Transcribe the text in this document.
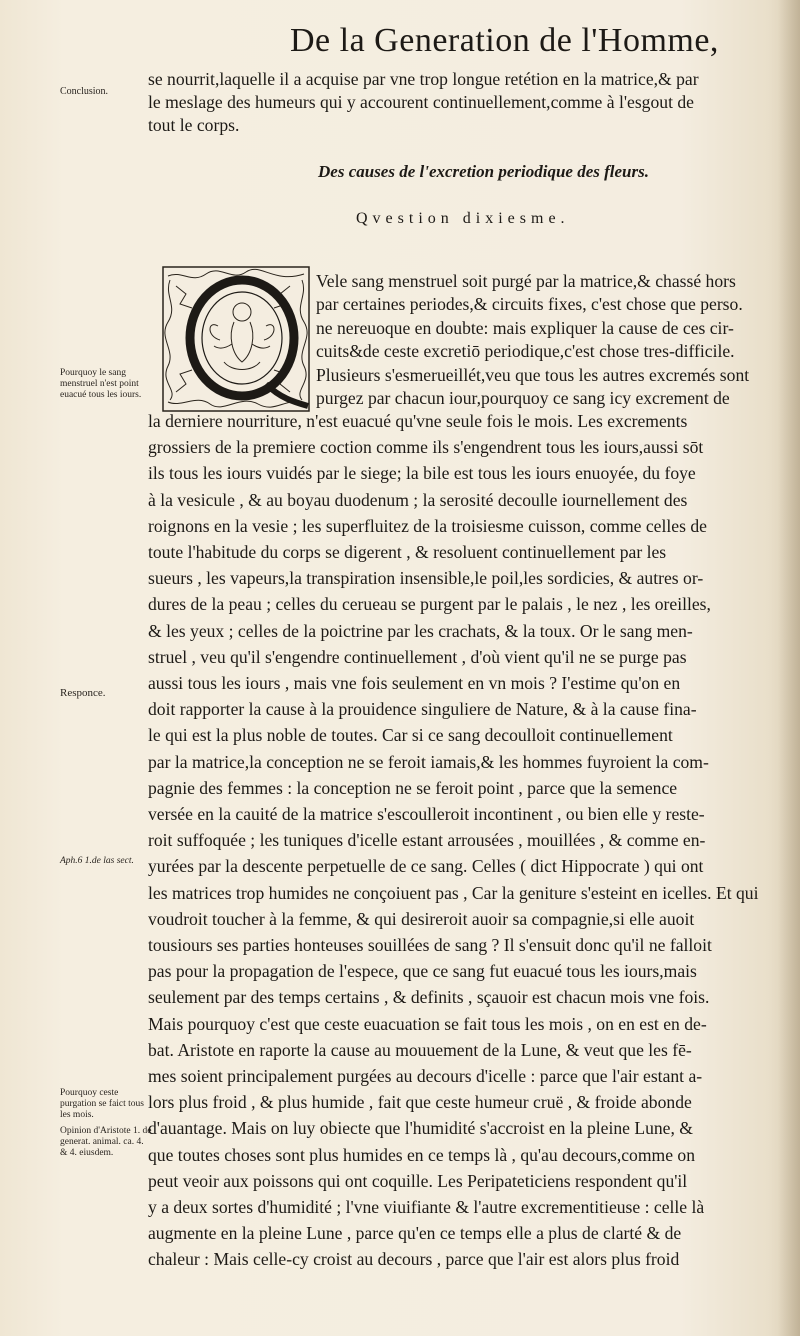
De la Generation de l'Homme,
Conclusion.
se nourrit,laquelle il a acquise par vne trop longue retétion en la matrice,& par
le meslage des humeurs qui y accourent continuellement,comme à l'esgout de
tout le corps.
Des causes de l'excretion periodique des fleurs.
Qvestion dixiesme.
Vele sang menstruel soit purgé par la matrice,& chassé hors
par certaines periodes,& circuits fixes, c'est chose que perso.
ne nereuoque en doubte: mais expliquer la cause de ces cir-
cuits&de ceste excretiō periodique,c'est chose tres-difficile.
Plusieurs s'esmerueillét,veu que tous les autres excremés sont
purgez par chacun iour,pourquoy ce sang icy excrement de
Pourquoy le sang menstruel n'est point euacué tous les iours.
la derniere nourriture, n'est euacué qu'vne seule fois le mois. Les excrements
grossiers de la premiere coction comme ils s'engendrent tous les iours,aussi sōt
ils tous les iours vuidés par le siege; la bile est tous les iours enuoyée, du foye
à la vesicule , & au boyau duodenum ; la serosité decoulle iournellement des
roignons en la vesie ; les superfluitez de la troisiesme cuisson, comme celles de
toute l'habitude du corps se digerent , & resoluent continuellement par les
sueurs , les vapeurs,la transpiration insensible,le poil,les sordicies, & autres or-
dures de la peau ; celles du cerueau se purgent par le palais , le nez , les oreilles,
& les yeux ; celles de la poictrine par les crachats, & la toux. Or le sang men-
struel , veu qu'il s'engendre continuellement , d'où vient qu'il ne se purge pas
aussi tous les iours , mais vne fois seulement en vn mois ? I'estime qu'on en
doit rapporter la cause à la prouidence singuliere de Nature, & à la cause fina-
le qui est la plus noble de toutes. Car si ce sang decoulloit continuellement
par la matrice,la conception ne se feroit iamais,& les hommes fuyroient la com-
pagnie des femmes : la conception ne se feroit point , parce que la semence
versée en la cauité de la matrice s'escoulleroit incontinent , ou bien elle y reste-
roit suffoquée ; les tuniques d'icelle estant arrousées , mouillées , & comme en-
yurées par la descente perpetuelle de ce sang. Celles ( dict Hippocrate ) qui ont
les matrices trop humides ne conçoiuent pas , Car la geniture s'esteint en icelles. Et qui
voudroit toucher à la femme, & qui desireroit auoir sa compagnie,si elle auoit
tousiours ses parties honteuses souillées de sang ? Il s'ensuit donc qu'il ne falloit
pas pour la propagation de l'espece, que ce sang fut euacué tous les iours,mais
seulement par des temps certains , & definits , sçauoir est chacun mois vne fois.
Mais pourquoy c'est que ceste euacuation se fait tous les mois , on en est en de-
bat. Aristote en raporte la cause au mouuement de la Lune, & veut que les fē-
mes soient principalement purgées au decours d'icelle : parce que l'air estant a-
lors plus froid , & plus humide , fait que ceste humeur cruë , & froide abonde
d'auantage. Mais on luy obiecte que l'humidité s'accroist en la pleine Lune, &
que toutes choses sont plus humides en ce temps là , qu'au decours,comme on
peut veoir aux poissons qui ont coquille. Les Peripateticiens respondent qu'il
y a deux sortes d'humidité ; l'vne viuifiante & l'autre excrementitieuse : celle là
augmente en la pleine Lune , parce qu'en ce temps elle a plus de clarté & de
chaleur : Mais celle-cy croist au decours , parce que l'air est alors plus froid
Responce.
Aph.6 1.de las sect.
Pourquoy ceste purgation se faict tous les mois.
Opinion d'Aristote 1. de generat. animal. ca. 4. & 4. eiusdem.
